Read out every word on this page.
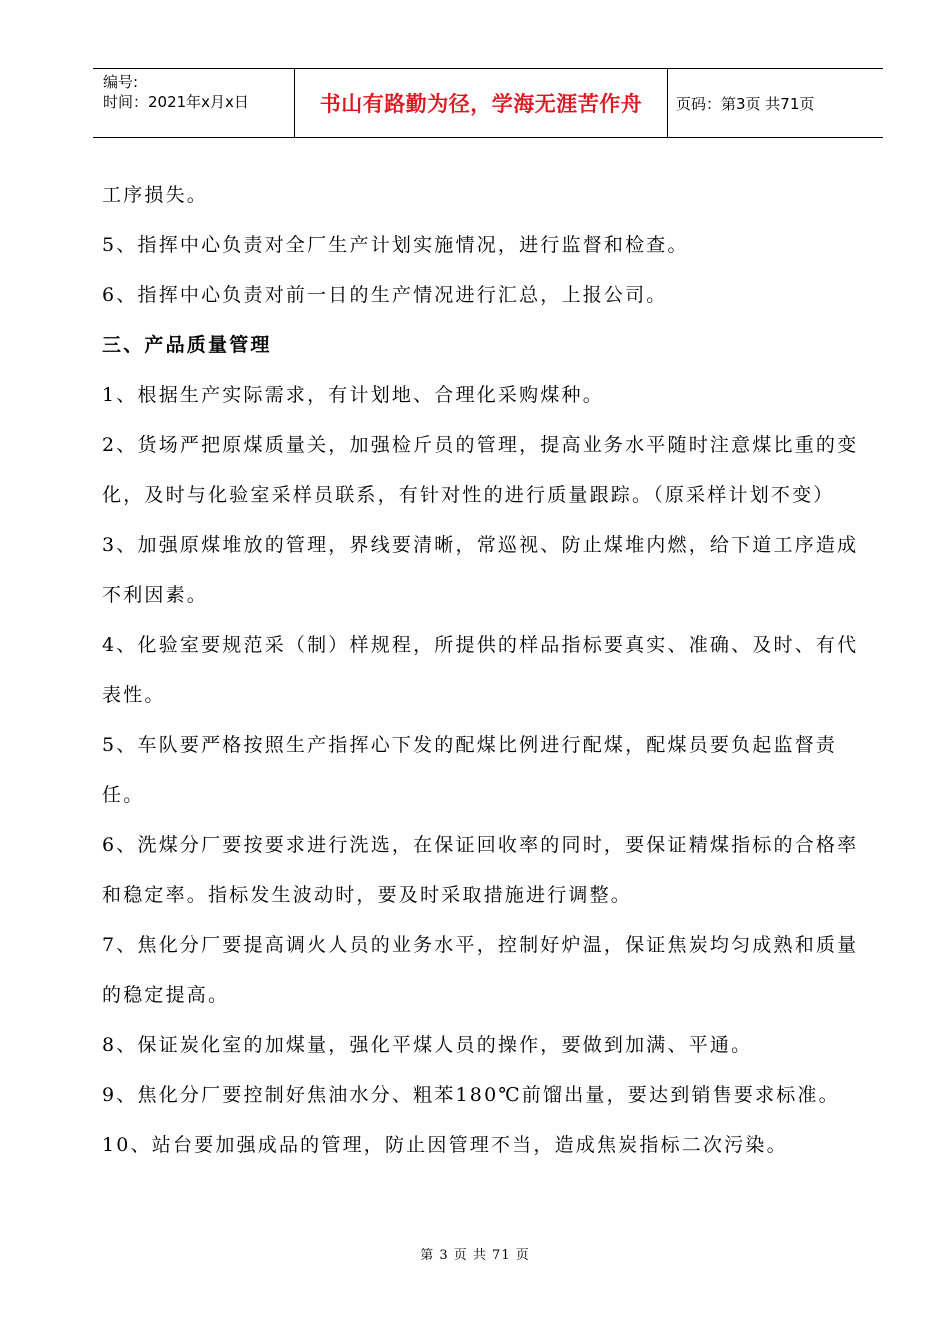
编号:
时间：2021年x月x日	书山有路勤为径，学海无涯苦作舟	页码：第3页 共71页

工序损失。

5、指挥中心负责对全厂生产计划实施情况，进行监督和检查。

6、指挥中心负责对前一日的生产情况进行汇总，上报公司。

三、产品质量管理

1、根据生产实际需求，有计划地、合理化采购煤种。

2、货场严把原煤质量关，加强检斤员的管理，提高业务水平随时注意煤比重的变化，及时与化验室采样员联系，有针对性的进行质量跟踪。（原采样计划不变）

3、加强原煤堆放的管理，界线要清晰，常巡视、防止煤堆内燃，给下道工序造成不利因素。

4、化验室要规范采（制）样规程，所提供的样品指标要真实、准确、及时、有代表性。

5、车队要严格按照生产指挥心下发的配煤比例进行配煤，配煤员要负起监督责任。

6、洗煤分厂要按要求进行洗选，在保证回收率的同时，要保证精煤指标的合格率和稳定率。指标发生波动时，要及时采取措施进行调整。

7、焦化分厂要提高调火人员的业务水平，控制好炉温，保证焦炭均匀成熟和质量的稳定提高。

8、保证炭化室的加煤量，强化平煤人员的操作，要做到加满、平通。

9、焦化分厂要控制好焦油水分、粗苯180℃前馏出量，要达到销售要求标准。

10、站台要加强成品的管理，防止因管理不当，造成焦炭指标二次污染。

第 3 页 共 71 页
